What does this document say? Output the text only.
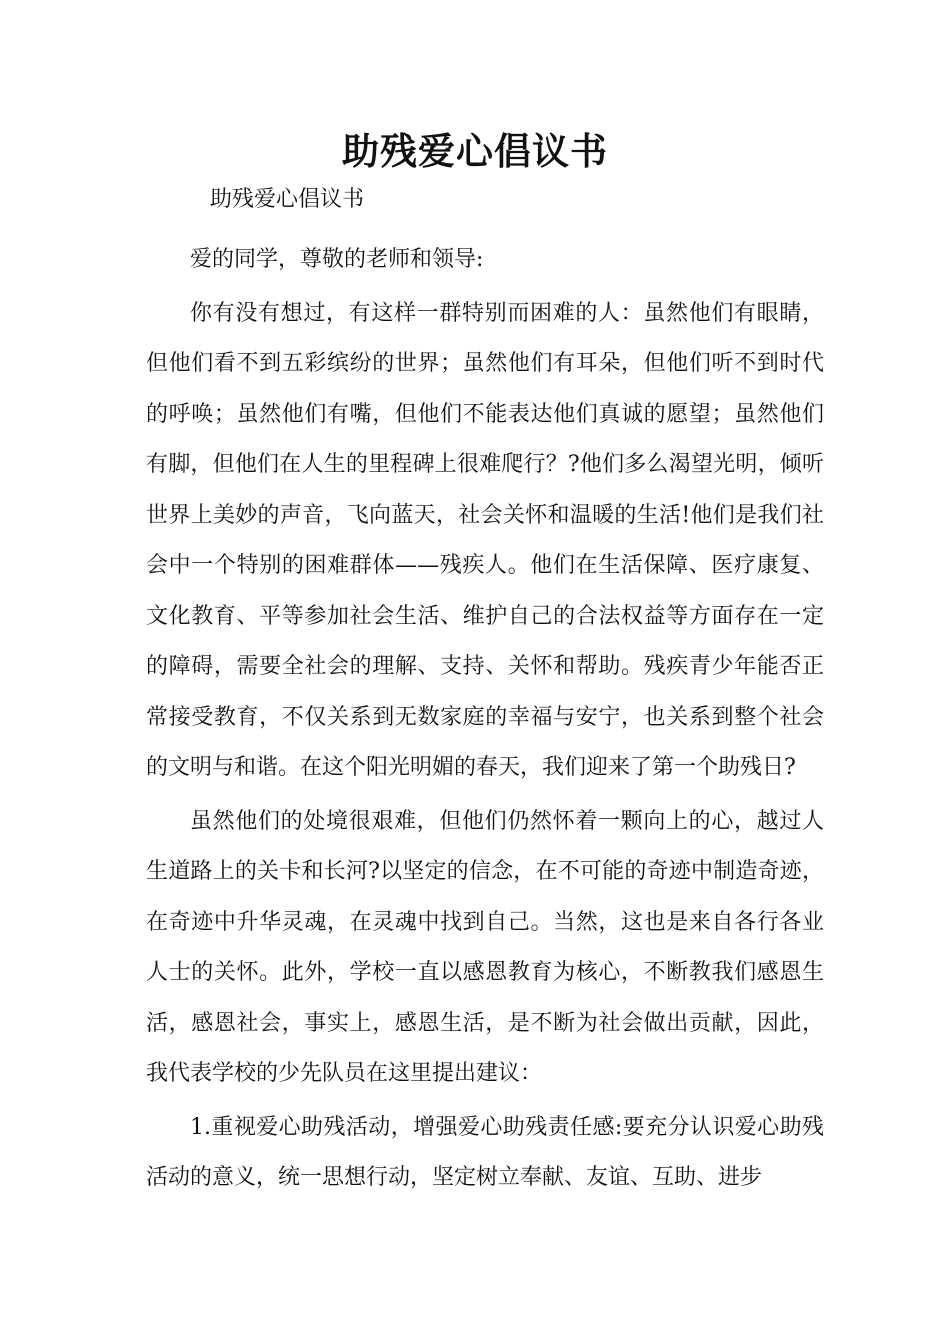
助残爱心倡议书
助残爱心倡议书

爱的同学，尊敬的老师和领导:

你有没有想过，有这样一群特别而困难的人：虽然他们有眼睛，但他们看不到五彩缤纷的世界；虽然他们有耳朵，但他们听不到时代的呼唤；虽然他们有嘴，但他们不能表达他们真诚的愿望；虽然他们有脚，但他们在人生的里程碑上很难爬行？?他们多么渴望光明，倾听世界上美妙的声音，飞向蓝天，社会关怀和温暖的生活!他们是我们社会中一个特别的困难群体——残疾人。他们在生活保障、医疗康复、文化教育、平等参加社会生活、维护自己的合法权益等方面存在一定的障碍，需要全社会的理解、支持、关怀和帮助。残疾青少年能否正常接受教育，不仅关系到无数家庭的幸福与安宁，也关系到整个社会的文明与和谐。在这个阳光明媚的春天，我们迎来了第一个助残日?

虽然他们的处境很艰难，但他们仍然怀着一颗向上的心，越过人生道路上的关卡和长河?以坚定的信念，在不可能的奇迹中制造奇迹，在奇迹中升华灵魂，在灵魂中找到自己。当然，这也是来自各行各业人士的关怀。此外，学校一直以感恩教育为核心，不断教我们感恩生活，感恩社会，事实上，感恩生活，是不断为社会做出贡献，因此，我代表学校的少先队员在这里提出建议：

1.重视爱心助残活动，增强爱心助残责任感:要充分认识爱心助残活动的意义，统一思想行动，坚定树立奉献、友谊、互助、进步
